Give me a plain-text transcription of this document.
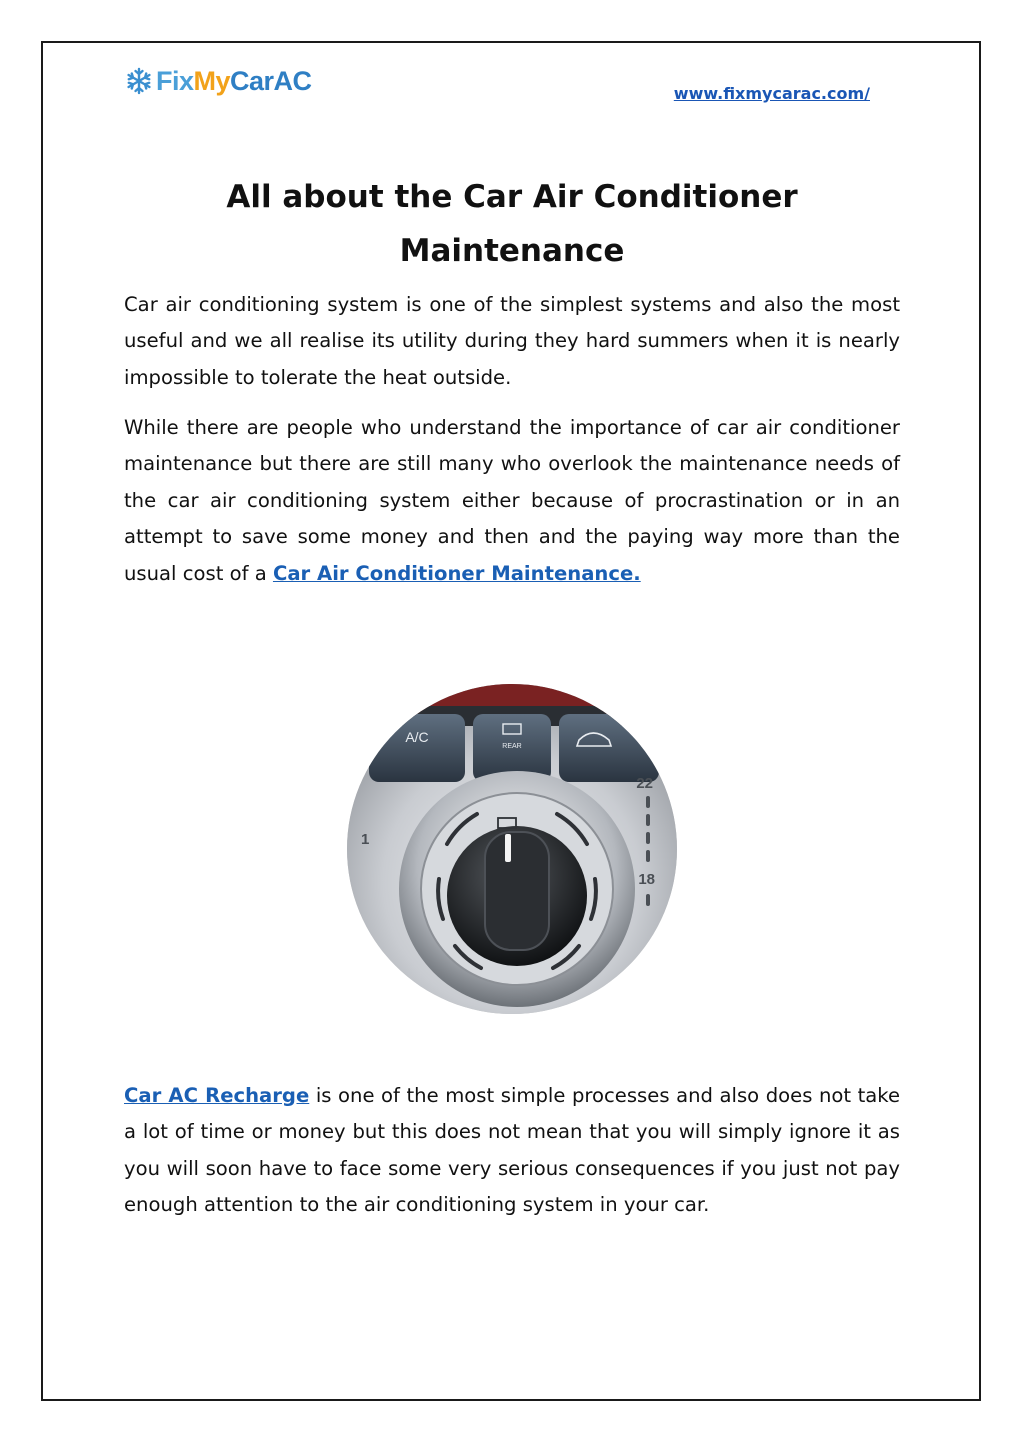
Fix My CarAC	www.fixmycarac.com/
All about the Car Air Conditioner Maintenance

Car air conditioning system is one of the simplest systems and also the most useful and we all realise its utility during they hard summers when it is nearly impossible to tolerate the heat outside.

While there are people who understand the importance of car air conditioner maintenance but there are still many who overlook the maintenance needs of the car air conditioning system either because of procrastination or in an attempt to save some money and then and the paying way more than the usual cost of a Car Air Conditioner Maintenance.

A/C
REAR
22
18
1

Car AC Recharge is one of the most simple processes and also does not take a lot of time or money but this does not mean that you will simply ignore it as you will soon have to face some very serious consequences if you just not pay enough attention to the air conditioning system in your car.
